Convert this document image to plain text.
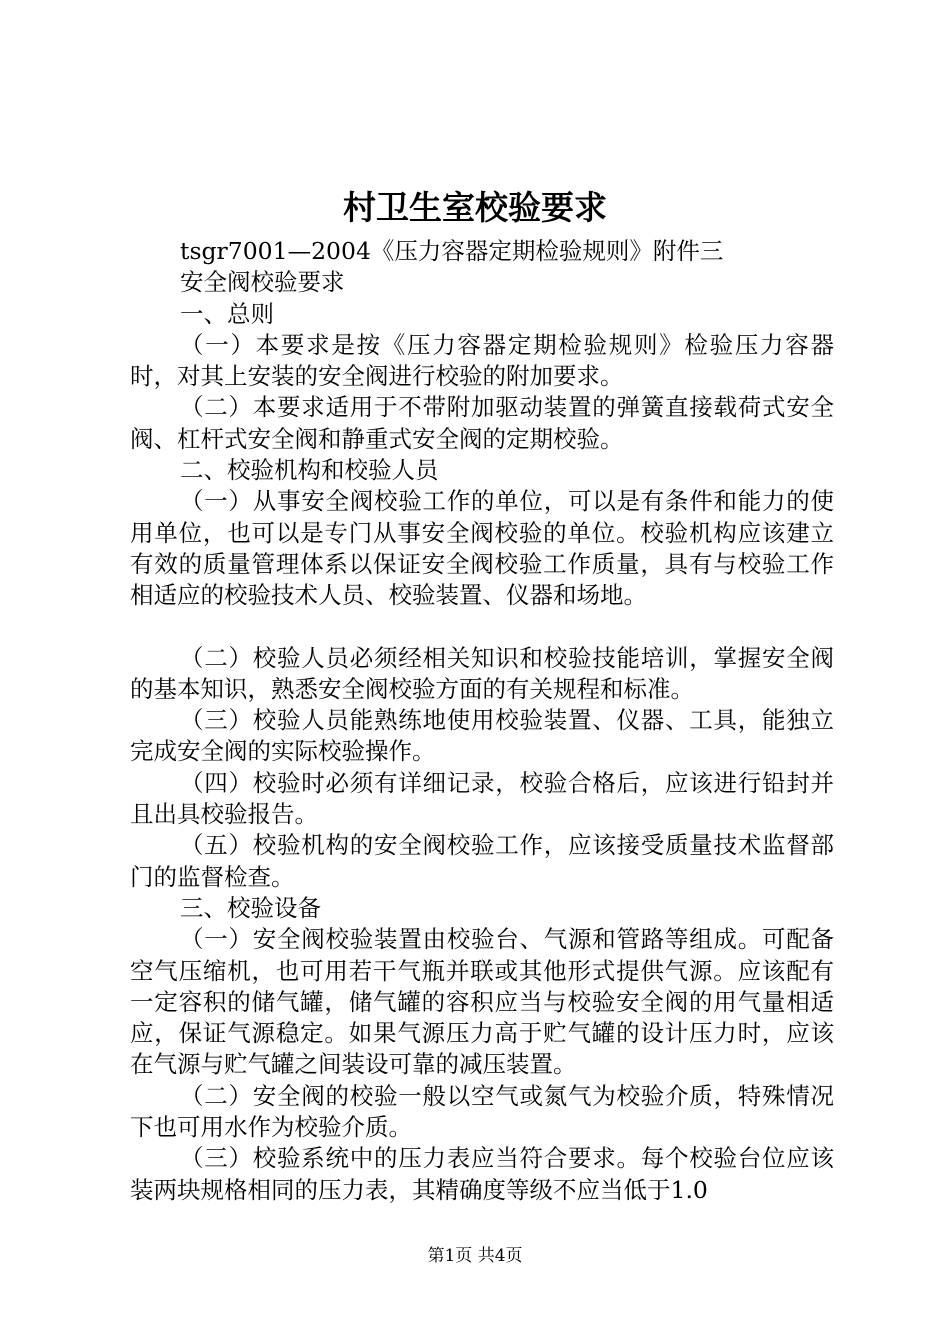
村卫生室校验要求

tsgr7001—2004《压力容器定期检验规则》附件三

安全阀校验要求

一、总则

（一）本要求是按《压力容器定期检验规则》检验压力容器时，对其上安装的安全阀进行校验的附加要求。

（二）本要求适用于不带附加驱动装置的弹簧直接载荷式安全阀、杠杆式安全阀和静重式安全阀的定期校验。

二、校验机构和校验人员

（一）从事安全阀校验工作的单位，可以是有条件和能力的使用单位，也可以是专门从事安全阀校验的单位。校验机构应该建立有效的质量管理体系以保证安全阀校验工作质量，具有与校验工作相适应的校验技术人员、校验装置、仪器和场地。

（二）校验人员必须经相关知识和校验技能培训，掌握安全阀的基本知识，熟悉安全阀校验方面的有关规程和标准。

（三）校验人员能熟练地使用校验装置、仪器、工具，能独立完成安全阀的实际校验操作。

（四）校验时必须有详细记录，校验合格后，应该进行铅封并且出具校验报告。

（五）校验机构的安全阀校验工作，应该接受质量技术监督部门的监督检查。

三、校验设备

（一）安全阀校验装置由校验台、气源和管路等组成。可配备空气压缩机，也可用若干气瓶并联或其他形式提供气源。应该配有一定容积的储气罐，储气罐的容积应当与校验安全阀的用气量相适应，保证气源稳定。如果气源压力高于贮气罐的设计压力时，应该在气源与贮气罐之间装设可靠的减压装置。

（二）安全阀的校验一般以空气或氮气为校验介质，特殊情况下也可用水作为校验介质。

（三）校验系统中的压力表应当符合要求。每个校验台位应该装两块规格相同的压力表，其精确度等级不应当低于1.0

第1页 共4页
